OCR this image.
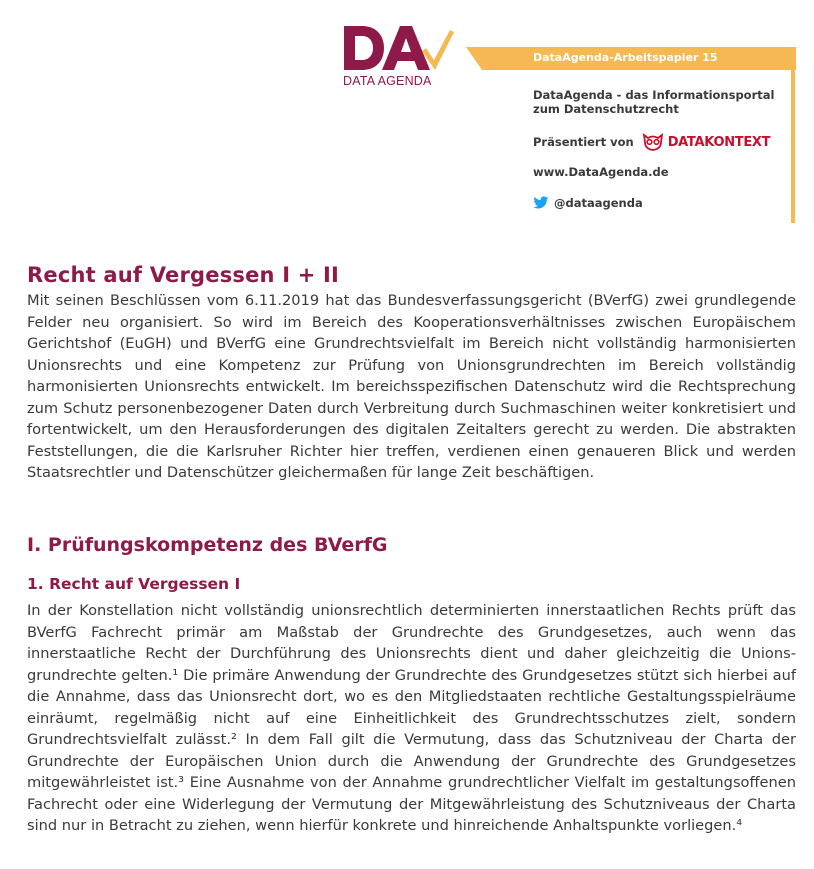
DATA AGENDA
DataAgenda-Arbeitspapier 15
DataAgenda - das Informationsportal zum Datenschutzrecht
Präsentiert von	DATAKONTEXT
www.DataAgenda.de
@dataagenda
Recht auf Vergessen I + II

Mit seinen Beschlüssen vom 6.11.2019 hat das Bundesverfassungsgericht (BVerfG) zwei grundlegende Felder neu organisiert. So wird im Bereich des Kooperationsverhältnisses zwischen Europäischem Gerichtshof (EuGH) und BVerfG eine Grundrechtsvielfalt im Bereich nicht vollständig harmonisierten Unionsrechts und eine Kompetenz zur Prüfung von Unionsgrundrechten im Bereich vollständig harmonisierten Unionsrechts entwickelt. Im bereichsspezifischen Datenschutz wird die Rechtsprechung zum Schutz personenbezogener Daten durch Verbreitung durch Suchmaschinen weiter konkretisiert und fortentwickelt, um den Herausforderungen des digitalen Zeitalters gerecht zu werden. Die abstrakten Feststellungen, die die Karlsruher Richter hier treffen, verdienen einen genaueren Blick und werden Staatsrechtler und Datenschützer gleichermaßen für lange Zeit beschäftigen.

I. Prüfungskompetenz des BVerfG
1. Recht auf Vergessen I

In der Konstellation nicht vollständig unionsrechtlich determinierten innerstaatlichen Rechts prüft das BVerfG Fachrecht primär am Maßstab der Grundrechte des Grundgesetzes, auch wenn das innerstaatliche Recht der Durchführung des Unionsrechts dient und daher gleichzeitig die Unionsgrundrechte gelten.¹ Die primäre Anwendung der Grundrechte des Grundgesetzes stützt sich hierbei auf die Annahme, dass das Unionsrecht dort, wo es den Mitgliedstaaten rechtliche Gestaltungsspielräume einräumt, regelmäßig nicht auf eine Einheitlichkeit des Grundrechtsschutzes zielt, sondern Grundrechtsvielfalt zulässt.² In dem Fall gilt die Vermutung, dass das Schutzniveau der Charta der Grundrechte der Europäischen Union durch die Anwendung der Grundrechte des Grundgesetzes mitgewährleistet ist.³ Eine Ausnahme von der Annahme grundrechtlicher Vielfalt im gestaltungsoffenen Fachrecht oder eine Widerlegung der Vermutung der Mitgewährleistung des Schutzniveaus der Charta sind nur in Betracht zu ziehen, wenn hierfür konkrete und hinreichende Anhaltspunkte vorliegen.⁴
